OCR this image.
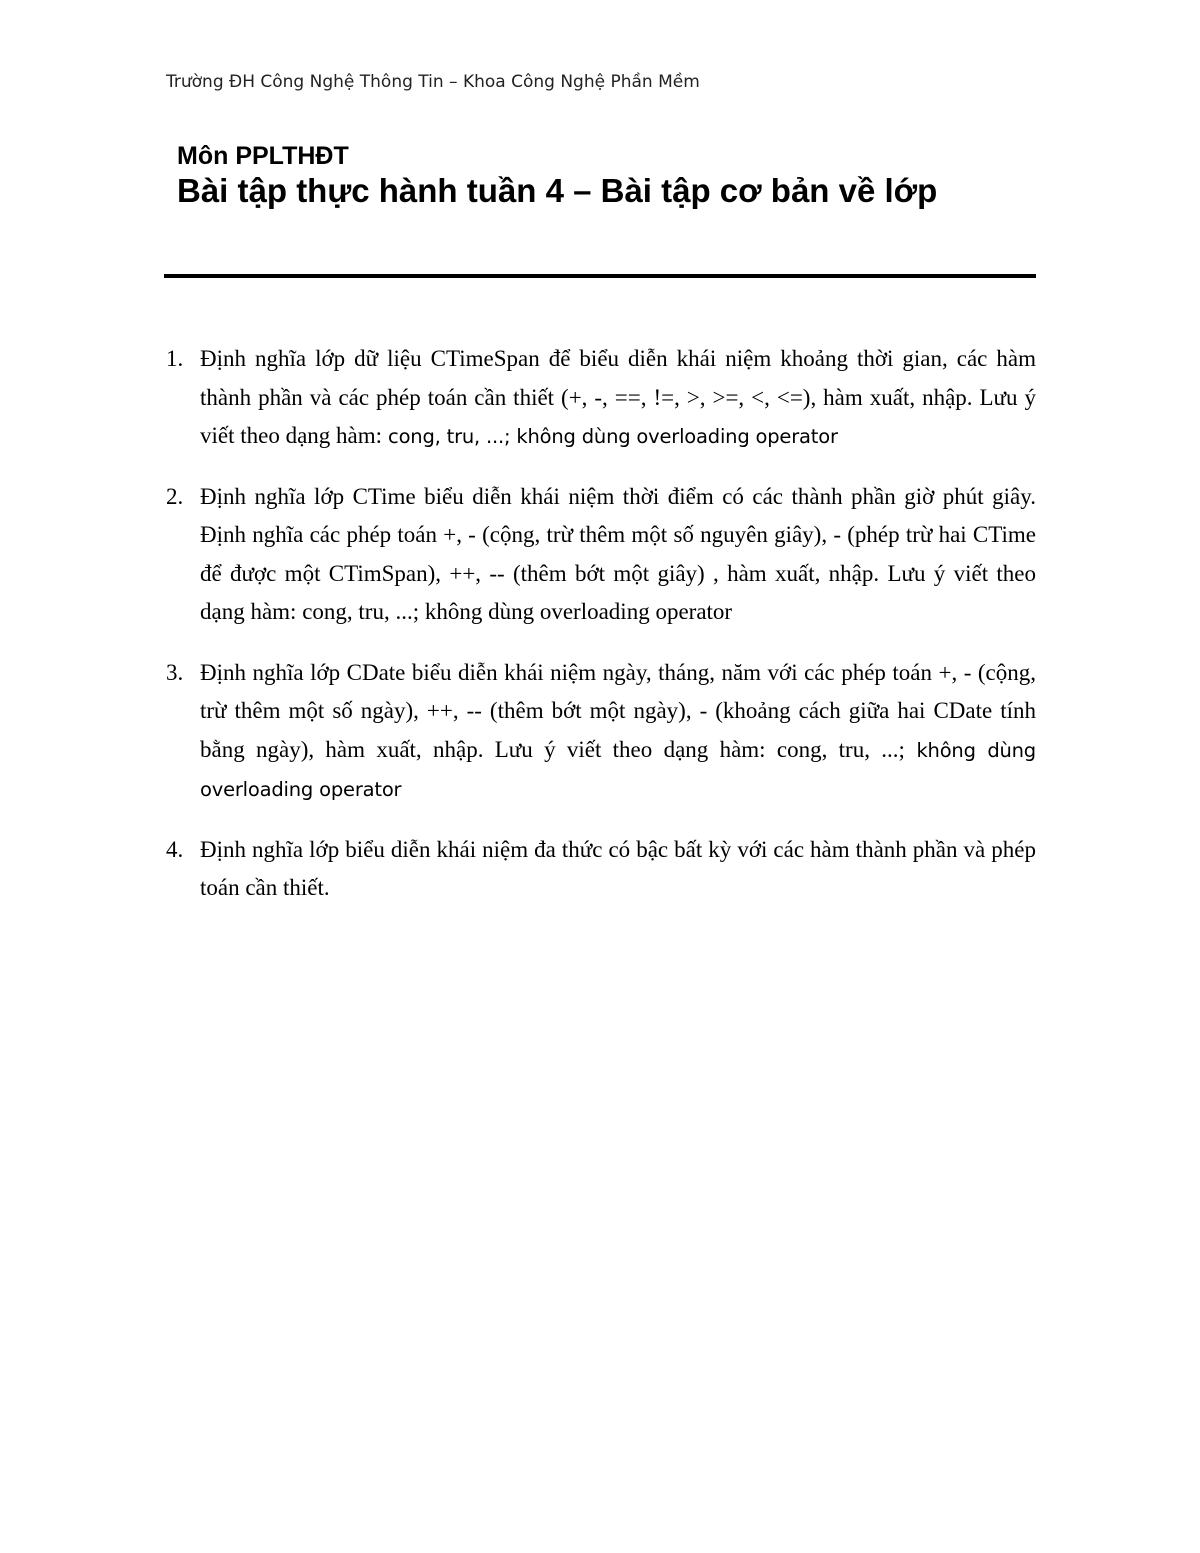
Trường ĐH Công Nghệ Thông Tin – Khoa Công Nghệ Phần Mềm
Môn PPLTHĐT
Bài tập thực hành tuần 4 – Bài tập cơ bản về lớp
1. Định nghĩa lớp dữ liệu CTimeSpan để biểu diễn khái niệm khoảng thời gian, các hàm thành phần và các phép toán cần thiết (+, -, ==, !=, >, >=, <, <=), hàm xuất, nhập. Lưu ý viết theo dạng hàm: cong, tru, ...; không dùng overloading operator
2. Định nghĩa lớp CTime biểu diễn khái niệm thời điểm có các thành phần giờ phút giây. Định nghĩa các phép toán +, - (cộng, trừ thêm một số nguyên giây), - (phép trừ hai CTime để được một CTimSpan), ++, -- (thêm bớt một giây) , hàm xuất, nhập. Lưu ý viết theo dạng hàm: cong, tru, ...; không dùng overloading operator
3. Định nghĩa lớp CDate biểu diễn khái niệm ngày, tháng, năm với các phép toán +, - (cộng, trừ thêm một số ngày), ++, -- (thêm bớt một ngày), - (khoảng cách giữa hai CDate tính bằng ngày), hàm xuất, nhập. Lưu ý viết theo dạng hàm: cong, tru, ...; không dùng overloading operator
4. Định nghĩa lớp biểu diễn khái niệm đa thức có bậc bất kỳ với các hàm thành phần và phép toán cần thiết.
